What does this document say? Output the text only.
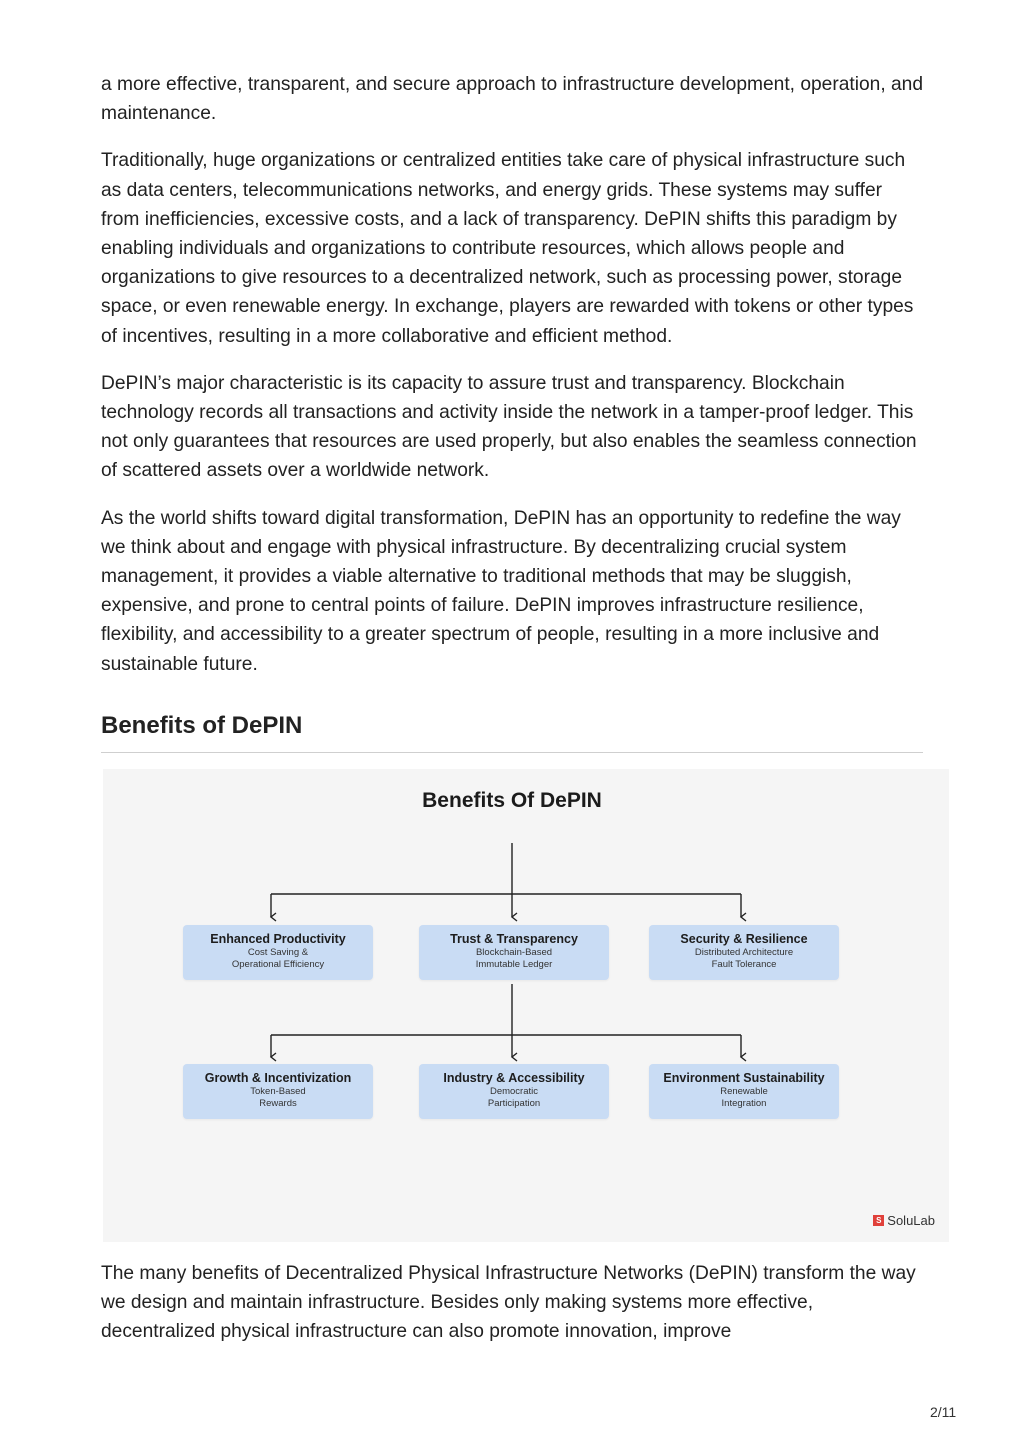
a more effective, transparent, and secure approach to infrastructure development, operation, and maintenance.

Traditionally, huge organizations or centralized entities take care of physical infrastructure such as data centers, telecommunications networks, and energy grids. These systems may suffer from inefficiencies, excessive costs, and a lack of transparency. DePIN shifts this paradigm by enabling individuals and organizations to contribute resources, which allows people and organizations to give resources to a decentralized network, such as processing power, storage space, or even renewable energy. In exchange, players are rewarded with tokens or other types of incentives, resulting in a more collaborative and efficient method.

DePIN’s major characteristic is its capacity to assure trust and transparency. Blockchain technology records all transactions and activity inside the network in a tamper-proof ledger. This not only guarantees that resources are used properly, but also enables the seamless connection of scattered assets over a worldwide network.

As the world shifts toward digital transformation, DePIN has an opportunity to redefine the way we think about and engage with physical infrastructure. By decentralizing crucial system management, it provides a viable alternative to traditional methods that may be sluggish, expensive, and prone to central points of failure. DePIN improves infrastructure resilience, flexibility, and accessibility to a greater spectrum of people, resulting in a more inclusive and sustainable future.

Benefits of DePIN
Benefits Of DePIN
Enhanced Productivity
Cost Saving &
Operational Efficiency
Trust & Transparency
Blockchain-Based
Immutable Ledger
Security & Resilience
Distributed Architecture
Fault Tolerance
Growth & Incentivization
Token-Based
Rewards
Industry & Accessibility
Democratic
Participation
Environment Sustainability
Renewable
Integration
S SoluLab

The many benefits of Decentralized Physical Infrastructure Networks (DePIN) transform the way we design and maintain infrastructure. Besides only making systems more effective, decentralized physical infrastructure can also promote innovation, improve

2/11
